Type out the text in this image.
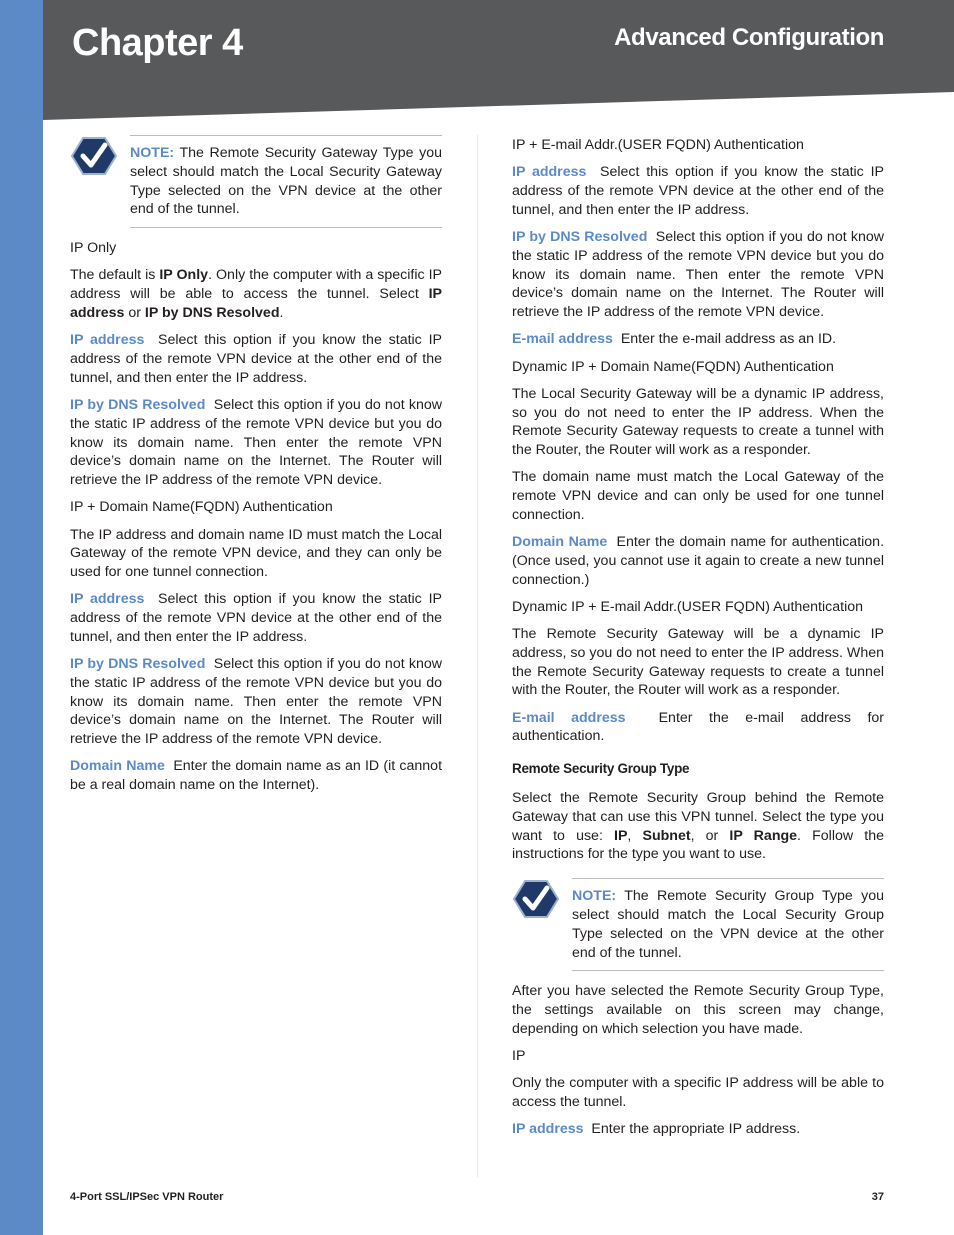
Chapter 4	Advanced Configuration

NOTE: The Remote Security Gateway Type you select should match the Local Security Gateway Type selected on the VPN device at the other end of the tunnel.

IP Only

The default is IP Only. Only the computer with a specific IP address will be able to access the tunnel. Select IP address or IP by DNS Resolved.

IP address Select this option if you know the static IP address of the remote VPN device at the other end of the tunnel, and then enter the IP address.

IP by DNS Resolved Select this option if you do not know the static IP address of the remote VPN device but you do know its domain name. Then enter the remote VPN device’s domain name on the Internet. The Router will retrieve the IP address of the remote VPN device.

IP + Domain Name(FQDN) Authentication

The IP address and domain name ID must match the Local Gateway of the remote VPN device, and they can only be used for one tunnel connection.

IP address Select this option if you know the static IP address of the remote VPN device at the other end of the tunnel, and then enter the IP address.

IP by DNS Resolved Select this option if you do not know the static IP address of the remote VPN device but you do know its domain name. Then enter the remote VPN device’s domain name on the Internet. The Router will retrieve the IP address of the remote VPN device.

Domain Name Enter the domain name as an ID (it cannot be a real domain name on the Internet).

IP + E-mail Addr.(USER FQDN) Authentication

IP address Select this option if you know the static IP address of the remote VPN device at the other end of the tunnel, and then enter the IP address.

IP by DNS Resolved Select this option if you do not know the static IP address of the remote VPN device but you do know its domain name. Then enter the remote VPN device’s domain name on the Internet. The Router will retrieve the IP address of the remote VPN device.

E-mail address Enter the e-mail address as an ID.

Dynamic IP + Domain Name(FQDN) Authentication

The Local Security Gateway will be a dynamic IP address, so you do not need to enter the IP address. When the Remote Security Gateway requests to create a tunnel with the Router, the Router will work as a responder.

The domain name must match the Local Gateway of the remote VPN device and can only be used for one tunnel connection.

Domain Name Enter the domain name for authentication. (Once used, you cannot use it again to create a new tunnel connection.)

Dynamic IP + E-mail Addr.(USER FQDN) Authentication

The Remote Security Gateway will be a dynamic IP address, so you do not need to enter the IP address. When the Remote Security Gateway requests to create a tunnel with the Router, the Router will work as a responder.

E-mail address Enter the e-mail address for authentication.

Remote Security Group Type

Select the Remote Security Group behind the Remote Gateway that can use this VPN tunnel. Select the type you want to use: IP, Subnet, or IP Range. Follow the instructions for the type you want to use.

NOTE: The Remote Security Group Type you select should match the Local Security Group Type selected on the VPN device at the other end of the tunnel.

After you have selected the Remote Security Group Type, the settings available on this screen may change, depending on which selection you have made.

IP

Only the computer with a specific IP address will be able to access the tunnel.

IP address Enter the appropriate IP address.

4-Port SSL/IPSec VPN Router	37
